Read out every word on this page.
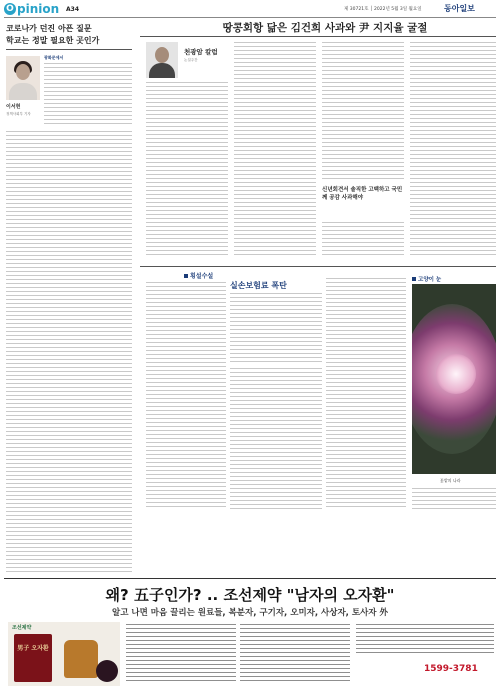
O pinion A34	제 30721호 │ 2022년 5월 3일 월요일	동아일보
코로나가 던진 아픈 질문
학교는 정말 필요한 곳인가
이서현
정책사회부 기자
광화문에서
땅콩회항 닮은 김건희 사과와 尹 지지율 굴절
천광암 칼럼
논설주간
신년회견서 솔직한 고백하고 국민께 공감 사과해야
횡설수설
실손보험료 폭탄
고양이 눈
꽃밭의 나라
왜? 五子인가? .. 조선제약 "남자의 오자환"
알고 나면 마음 끌리는 원료들, 복분자, 구기자, 오미자, 사상자, 토사자 外
조선제약
男子 오자환
1599-3781
